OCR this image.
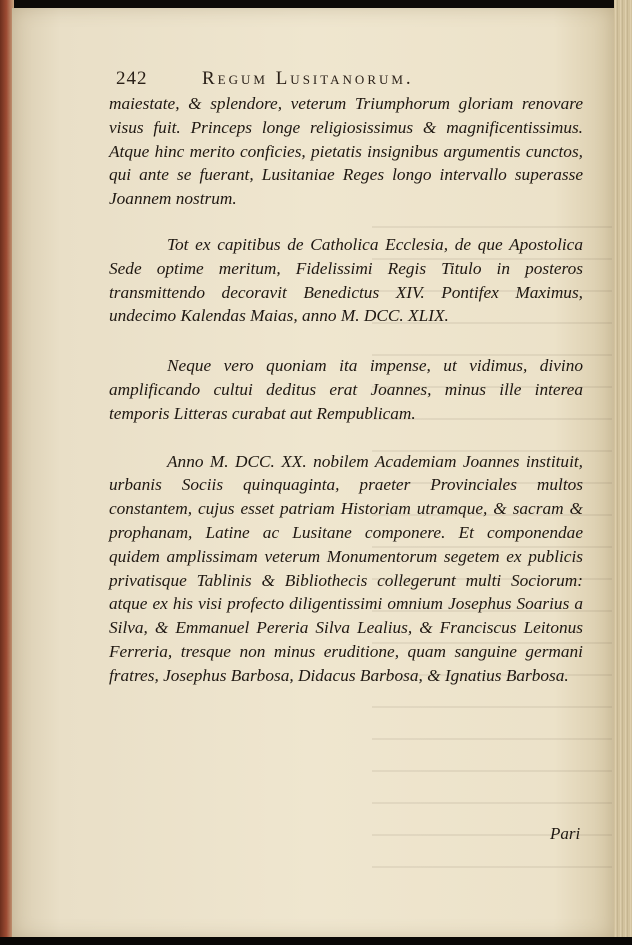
242	Regum Lusitanorum.

maiestate, & splendore, veterum Triumphorum gloriam renovare visus fuit. Princeps longe religiosissimus & magnificentissimus. Atque hinc merito conficies, pietatis insignibus argumentis cunctos, qui ante se fuerant, Lusitaniae Reges longo intervallo superasse Joannem nostrum.

Tot ex capitibus de Catholica Ecclesia, de que Apostolica Sede optime meritum, Fidelissimi Regis Titulo in posteros transmittendo decoravit Benedictus XIV. Pontifex Maximus, undecimo Kalendas Maias, anno M. DCC. XLIX.

Neque vero quoniam ita impense, ut vidimus, divino amplificando cultui deditus erat Joannes, minus ille interea temporis Litteras curabat aut Rempublicam.

Anno M. DCC. XX. nobilem Academiam Joannes instituit, urbanis Sociis quinquaginta, praeter Provinciales multos constantem, cujus esset patriam Historiam utramque, & sacram & prophanam, Latine ac Lusitane componere. Et componendae quidem amplissimam veterum Monumentorum segetem ex publicis privatisque Tablinis & Bibliothecis collegerunt multi Sociorum: atque ex his visi profecto diligentissimi omnium Josephus Soarius a Silva, & Emmanuel Pereria Silva Lealius, & Franciscus Leitonus Ferreria, tresque non minus eruditione, quam sanguine germani fratres, Josephus Barbosa, Didacus Barbosa, & Ignatius Barbosa.

Pari
